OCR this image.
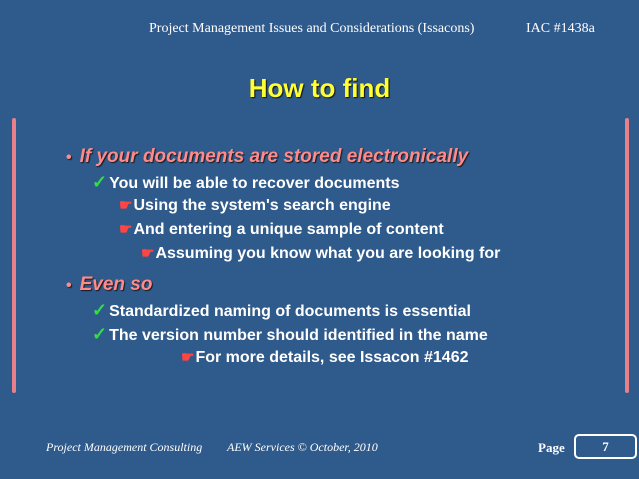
Project Management Issues and Considerations (Issacons)	IAC #1438a
How to find
• If your documents are stored electronically
✓ You will be able to recover documents
☛Using the system's search engine
☛And entering a unique sample of content
☛Assuming you know what you are looking for
• Even so
✓ Standardized naming of documents is essential
✓ The version number should identified in the name
☛For more details, see Issacon #1462
Project Management Consulting AEW Services © October, 2010	Page	7
